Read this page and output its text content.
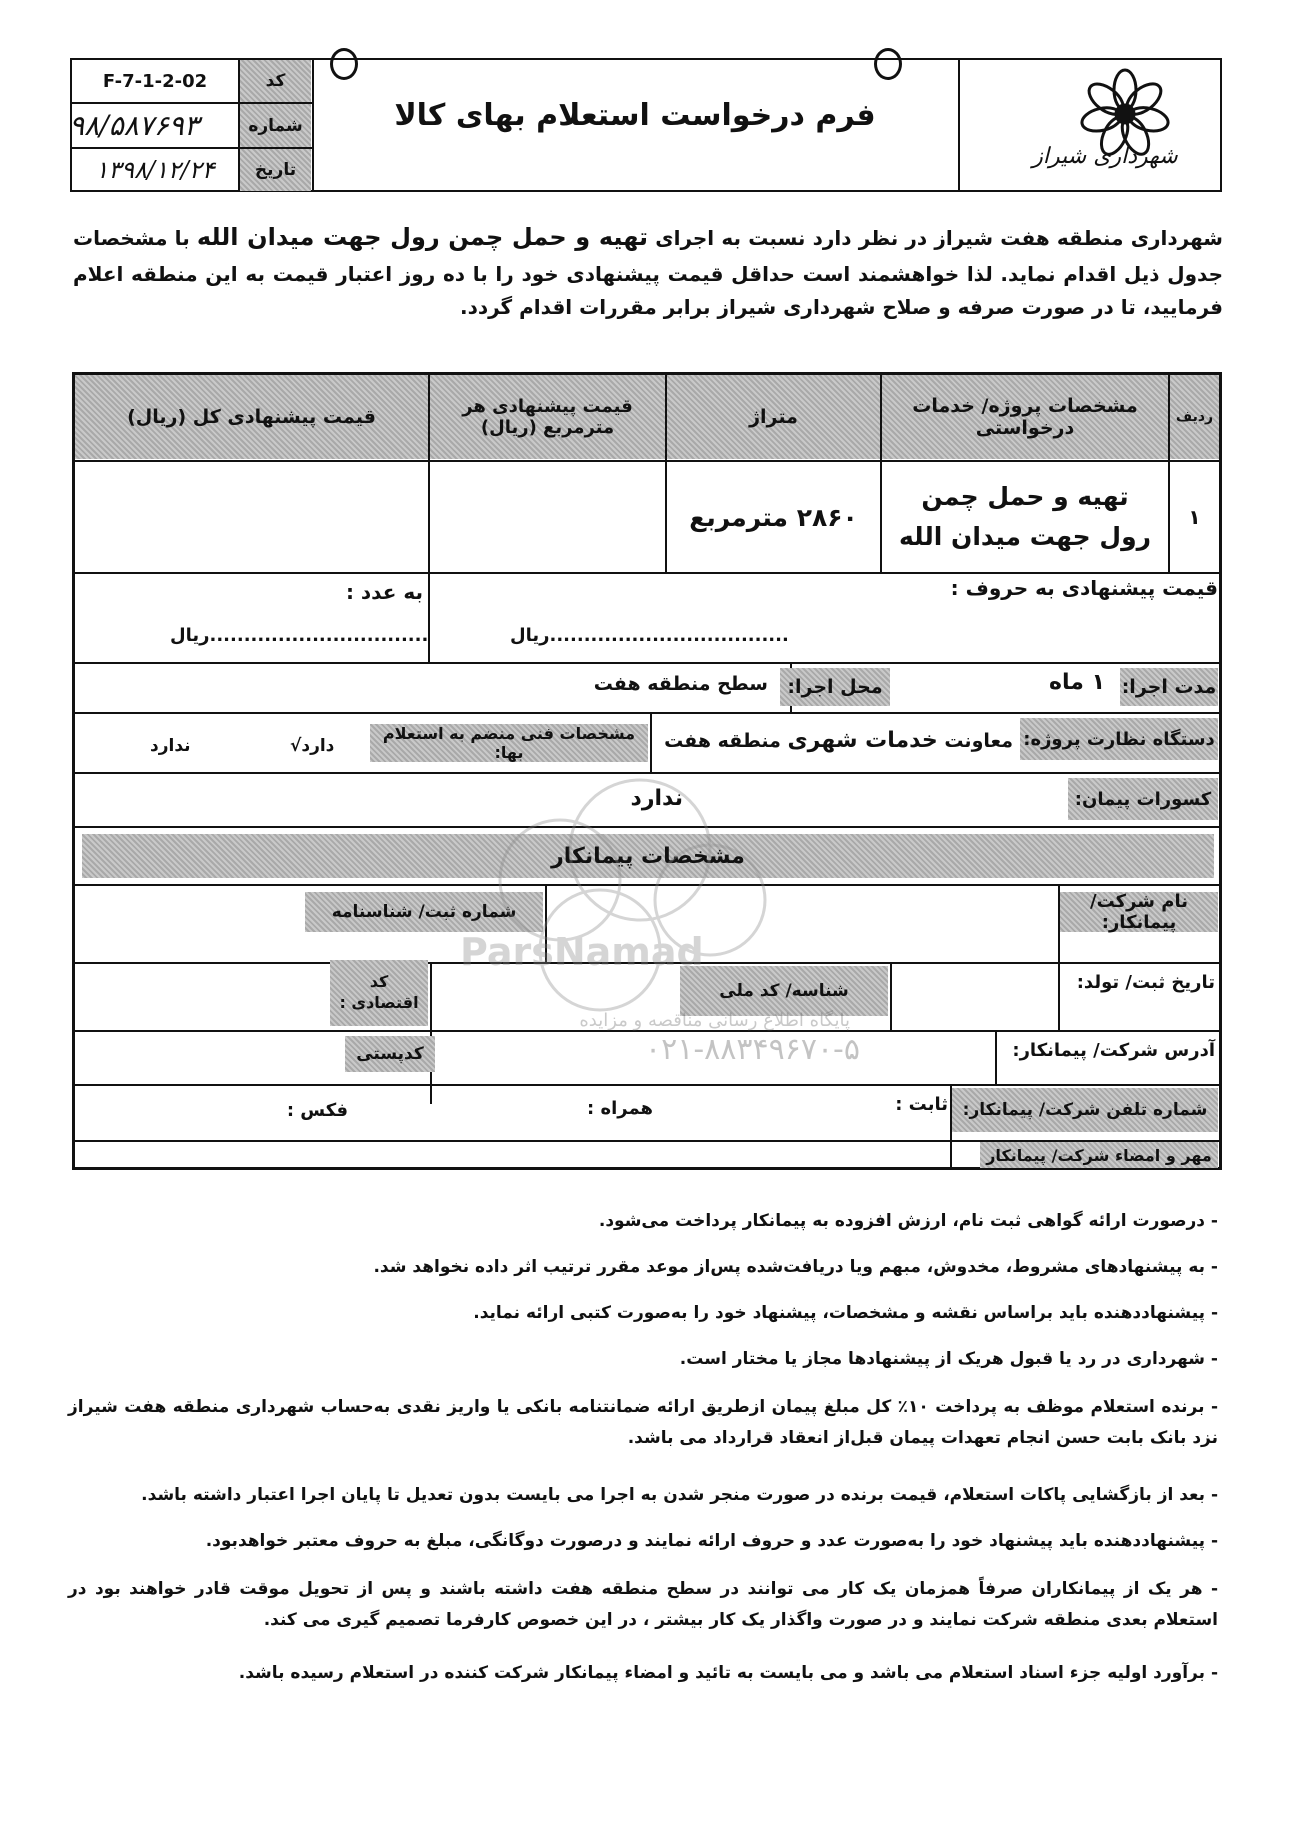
شهرداری شیراز
فرم درخواست استعلام بهای کالا
کد
شماره
تاریخ
F-7-1-2-02
۹۸/۵۸۷۶۹۳
۱۳۹۸/۱۲/۲۴
شهرداری منطقه هفت شیراز در نظر دارد نسبت به اجرای تهیه و حمل چمن رول جهت میدان الله با مشخصات جدول ذیل اقدام نماید. لذا خواهشمند است حداقل قیمت پیشنهادی خود را با ده روز اعتبار قیمت به این منطقه اعلام فرمایید، تا در صورت صرفه و صلاح شهرداری شیراز برابر مقررات اقدام گردد.
ردیف
مشخصات پروژه/ خدمات درخواستی
متراژ
قیمت پیشنهادی هر مترمربع (ریال)
قیمت پیشنهادی کل (ریال)
۱
تهیه و حمل چمن رول جهت میدان الله
۲۸۶۰ مترمربع
قیمت پیشنهادی به حروف :
به عدد :
...................................ریال
................................ریال
مدت اجرا:
۱ ماه
محل اجرا:
سطح منطقه هفت
دستگاه نظارت پروژه:
معاونت خدمات شهری منطقه هفت
مشخصات فنی منضم به استعلام بها:
دارد√
ندارد
کسورات پیمان:
ندارد
مشخصات پیمانکار
نام شرکت/ پیمانکار:
شماره ثبت/ شناسنامه
تاریخ ثبت/ تولد:
شناسه/ کد ملی
کد اقتصادی :
آدرس شرکت/ پیمانکار:
کدپستی
شماره تلفن شرکت/ پیمانکار:
ثابت :
همراه :
فکس :
مهر و امضاء شرکت/ پیمانکار
ParsNamad
پایگاه اطلاع رسانی مناقصه و مزایده
۰۲۱-۸۸۳۴۹۶۷۰-۵
- درصورت ارائه گواهی ثبت نام، ارزش افزوده به پیمانکار پرداخت می‌شود.
- به پیشنهادهای مشروط، مخدوش، مبهم ویا دریافت‌شده پس‌از موعد مقرر ترتیب اثر داده نخواهد شد.
- پیشنهاددهنده باید براساس نقشه و مشخصات، پیشنهاد خود را به‌صورت کتبی ارائه نماید.
- شهرداری در رد یا قبول هریک از پیشنهادها مجاز یا مختار است.
- برنده استعلام موظف به پرداخت ۱۰٪ کل مبلغ پیمان ازطریق ارائه ضمانتنامه بانکی یا واریز نقدی به‌حساب شهرداری منطقه هفت شیراز نزد بانک بابت حسن انجام تعهدات پیمان قبل‌از انعقاد قرارداد می باشد.
- بعد از بازگشایی پاکات استعلام، قیمت برنده در صورت منجر شدن به اجرا می بایست بدون تعدیل تا پایان اجرا اعتبار داشته باشد.
- پیشنهاددهنده باید پیشنهاد خود را به‌صورت عدد و حروف ارائه نمایند و درصورت دوگانگی، مبلغ به حروف معتبر خواهدبود.
- هر یک از پیمانکاران صرفاً همزمان یک کار می توانند در سطح منطقه هفت داشته باشند و پس از تحویل موقت قادر خواهند بود در استعلام بعدی منطقه شرکت نمایند و در صورت واگذار یک کار بیشتر ، در این خصوص کارفرما تصمیم گیری می کند.
- برآورد اولیه جزء اسناد استعلام می باشد و می بایست به تائید و امضاء پیمانکار شرکت کننده در استعلام رسیده باشد.
